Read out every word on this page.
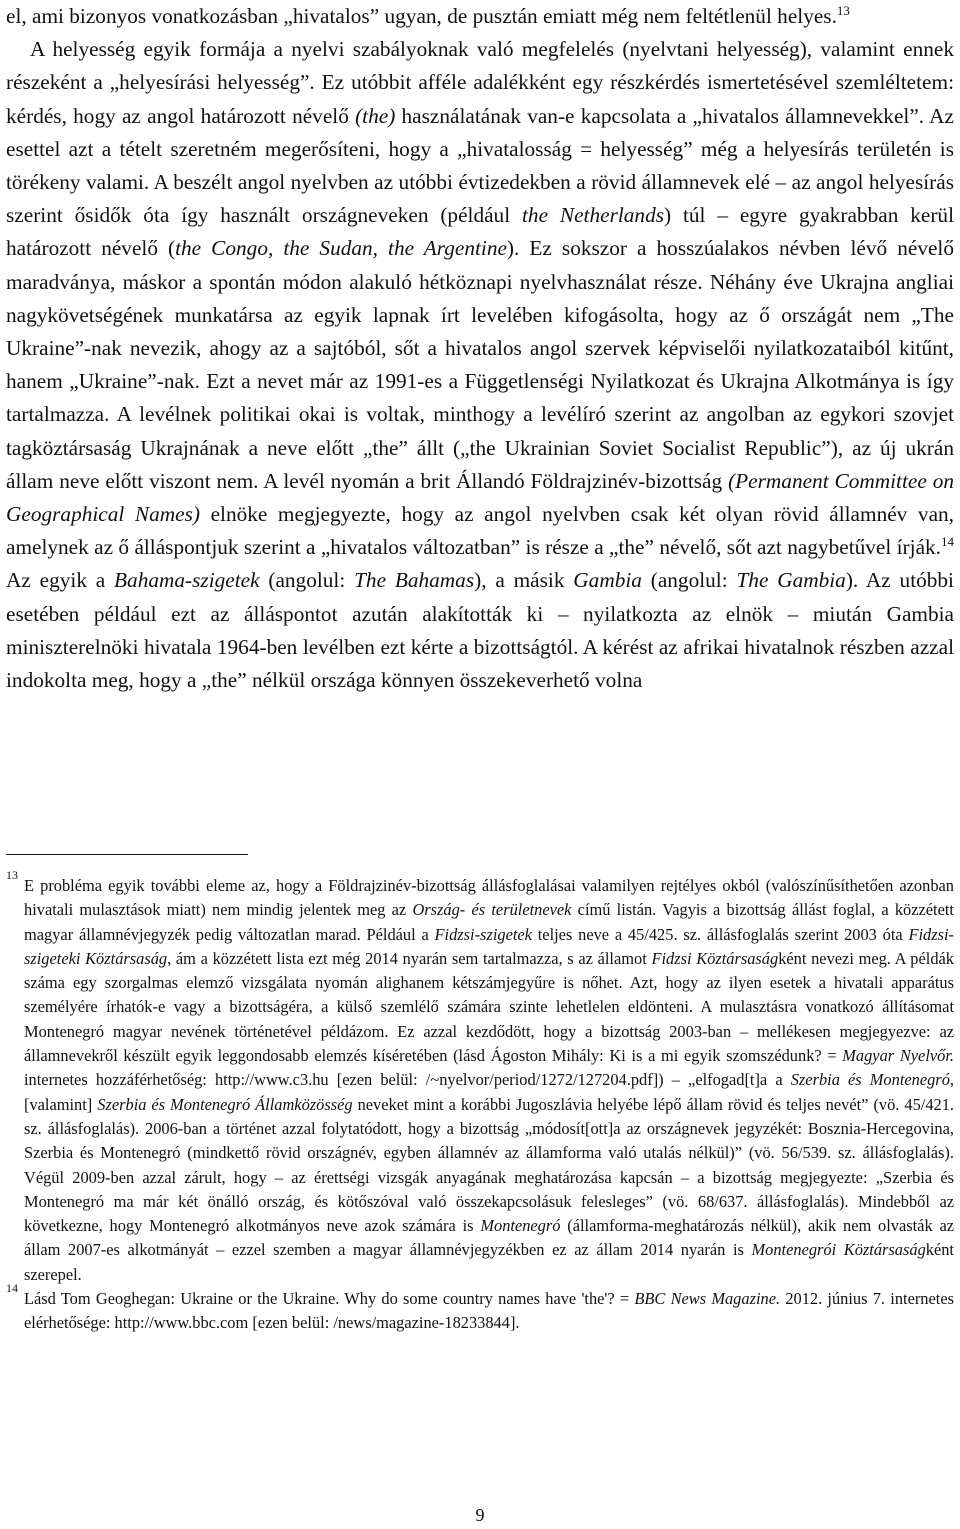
el, ami bizonyos vonatkozásban „hivatalos” ugyan, de pusztán emiatt még nem feltétlenül helyes.$^{13}$

A helyesség egyik formája a nyelvi szabályoknak való megfelelés (nyelvtani helyesség), valamint ennek részeként a „helyesírási helyesség”. Ez utóbbit afféle adalékként egy részkérdés ismertetésével szemléltetem: kérdés, hogy az angol határozott névelő (the) használatának van-e kapcsolata a „hivatalos államnevekkel”. Az esettel azt a tételt szeretném megerősíteni, hogy a „hivatalosság = helyesség” még a helyesírás területén is törékeny valami. A beszélt angol nyelvben az utóbbi évtizedekben a rövid államnevek elé – az angol helyesírás szerint ősidők óta így használt országneveken (például the Netherlands) túl – egyre gyakrabban kerül határozott névelő (the Congo, the Sudan, the Argentine). Ez sokszor a hosszúalakos névben lévő névelő maradványa, máskor a spontán módon alakuló hétköznapi nyelvhasználat része. Néhány éve Ukrajna angliai nagykövetségének munkatársa az egyik lapnak írt levelében kifogásolta, hogy az ő országát nem „The Ukraine”-nak nevezik, ahogy az a sajtóból, sőt a hivatalos angol szervek képviselői nyilatkozataiból kitűnt, hanem „Ukraine”-nak. Ezt a nevet már az 1991-es a Függetlenségi Nyilatkozat és Ukrajna Alkotmánya is így tartalmazza. A levélnek politikai okai is voltak, minthogy a levélíró szerint az angolban az egykori szovjet tagköztársaság Ukrajnának a neve előtt „the” állt („the Ukrainian Soviet Socialist Republic”), az új ukrán állam neve előtt viszont nem. A levél nyomán a brit Állandó Földrajzinév-bizottság (Permanent Committee on Geographical Names) elnöke megjegyezte, hogy az angol nyelvben csak két olyan rövid államnév van, amelynek az ő álláspontjuk szerint a „hivatalos változatban” is része a „the” névelő, sőt azt nagybetűvel írják.$^{14}$ Az egyik a Bahama-szigetek (angolul: The Bahamas), a másik Gambia (angolul: The Gambia). Az utóbbi esetében például ezt az álláspontot azután alakították ki – nyilatkozta az elnök – miután Gambia miniszterelnöki hivatala 1964-ben levélben ezt kérte a bizottságtól. A kérést az afrikai hivatalnok részben azzal indokolta meg, hogy a „the” nélkül országa könnyen összekeverhető volna

13
E probléma egyik további eleme az, hogy a Földrajzinév-bizottság állásfoglalásai valamilyen rejtélyes okból (valószínűsíthetően azonban hivatali mulasztások miatt) nem mindig jelentek meg az Ország- és területnevek című listán. Vagyis a bizottság állást foglal, a közzétett magyar államnévjegyzék pedig változatlan marad. Például a Fidzsi-szigetek teljes neve a 45/425. sz. állásfoglalás szerint 2003 óta Fidzsi-szigeteki Köztársaság, ám a közzétett lista ezt még 2014 nyarán sem tartalmazza, s az államot Fidzsi Köztársaságként nevezi meg. A példák száma egy szorgalmas elemző vizsgálata nyomán alighanem kétszámjegyűre is nőhet. Azt, hogy az ilyen esetek a hivatali apparátus személyére írhatók-e vagy a bizottságéra, a külső szemlélő számára szinte lehetlelen eldönteni. A mulasztásra vonatkozó állításomat Montenegró magyar nevének történetével példázom. Ez azzal kezdődött, hogy a bizottság 2003-ban – mellékesen megjegyezve: az államnevekről készült egyik leggondosabb elemzés kíséretében (lásd Ágoston Mihály: Ki is a mi egyik szomszédunk? = Magyar Nyelvőr. internetes hozzáférhetőség: http://www.c3.hu [ezen belül: /~nyelvor/period/1272/127204.pdf]) – „elfogad[t]a a Szerbia és Montenegró, [valamint] Szerbia és Montenegró Államközösség neveket mint a korábbi Jugoszlávia helyébe lépő állam rövid és teljes nevét” (vö. 45/421. sz. állásfoglalás). 2006-ban a történet azzal folytatódott, hogy a bizottság „módosít[ott]a az országnevek jegyzékét: Bosznia-Hercegovina, Szerbia és Montenegró (mindkettő rövid országnév, egyben államnév az államforma való utalás nélkül)” (vö. 56/539. sz. állásfoglalás). Végül 2009-ben azzal zárult, hogy – az érettségi vizsgák anyagának meghatározása kapcsán – a bizottság megjegyezte: „Szerbia és Montenegró ma már két önálló ország, és kötőszóval való összekapcsolásuk felesleges” (vö. 68/637. állásfoglalás). Mindebből az következne, hogy Montenegró alkotmányos neve azok számára is Montenegró (államforma-meghatározás nélkül), akik nem olvasták az állam 2007-es alkotmányát – ezzel szemben a magyar államnévjegyzékben ez az állam 2014 nyarán is Montenegrói Köztársaságként szerepel.

14
Lásd Tom Geoghegan: Ukraine or the Ukraine. Why do some country names have 'the'? = BBC News Magazine. 2012. június 7. internetes elérhetősége: http://www.bbc.com [ezen belül: /news/magazine-18233844].

9
